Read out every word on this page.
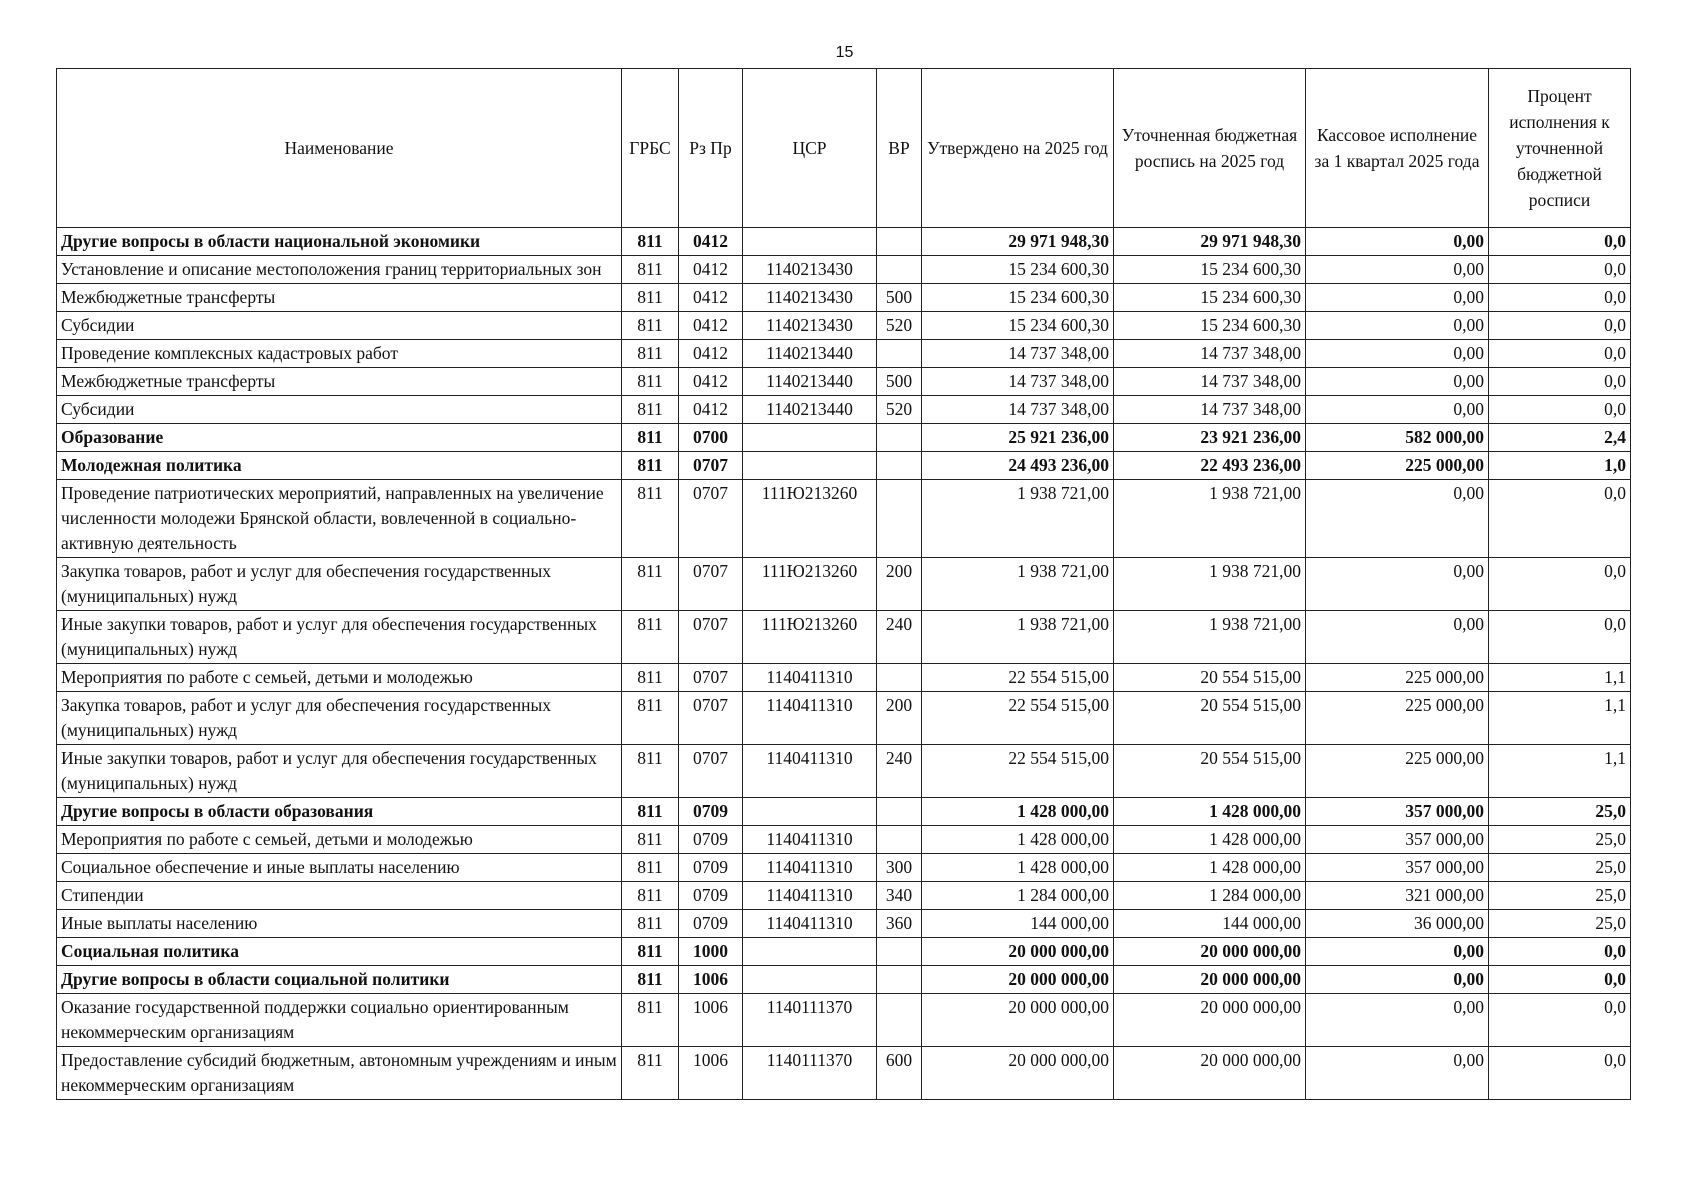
15
Наименование	ГРБС	Рз Пр	ЦСР	ВР	Утверждено на 2025 год	Уточненная бюджетная роспись на 2025 год	Кассовое исполнение за 1 квартал 2025 года	Процент исполнения к уточненной бюджетной росписи
Другие вопросы в области национальной экономики	811	0412			29 971 948,30	29 971 948,30	0,00	0,0
Установление и описание местоположения границ территориальных зон	811	0412	1140213430		15 234 600,30	15 234 600,30	0,00	0,0
Межбюджетные трансферты	811	0412	1140213430	500	15 234 600,30	15 234 600,30	0,00	0,0
Субсидии	811	0412	1140213430	520	15 234 600,30	15 234 600,30	0,00	0,0
Проведение комплексных кадастровых работ	811	0412	1140213440		14 737 348,00	14 737 348,00	0,00	0,0
Межбюджетные трансферты	811	0412	1140213440	500	14 737 348,00	14 737 348,00	0,00	0,0
Субсидии	811	0412	1140213440	520	14 737 348,00	14 737 348,00	0,00	0,0
Образование	811	0700			25 921 236,00	23 921 236,00	582 000,00	2,4
Молодежная политика	811	0707			24 493 236,00	22 493 236,00	225 000,00	1,0
Проведение патриотических мероприятий, направленных на увеличение численности молодежи Брянской области, вовлеченной в социально-активную деятельность	811	0707	111Ю213260		1 938 721,00	1 938 721,00	0,00	0,0
Закупка товаров, работ и услуг для обеспечения государственных (муниципальных) нужд	811	0707	111Ю213260	200	1 938 721,00	1 938 721,00	0,00	0,0
Иные закупки товаров, работ и услуг для обеспечения государственных (муниципальных) нужд	811	0707	111Ю213260	240	1 938 721,00	1 938 721,00	0,00	0,0
Мероприятия по работе с семьей, детьми и молодежью	811	0707	1140411310		22 554 515,00	20 554 515,00	225 000,00	1,1
Закупка товаров, работ и услуг для обеспечения государственных (муниципальных) нужд	811	0707	1140411310	200	22 554 515,00	20 554 515,00	225 000,00	1,1
Иные закупки товаров, работ и услуг для обеспечения государственных (муниципальных) нужд	811	0707	1140411310	240	22 554 515,00	20 554 515,00	225 000,00	1,1
Другие вопросы в области образования	811	0709			1 428 000,00	1 428 000,00	357 000,00	25,0
Мероприятия по работе с семьей, детьми и молодежью	811	0709	1140411310		1 428 000,00	1 428 000,00	357 000,00	25,0
Социальное обеспечение и иные выплаты населению	811	0709	1140411310	300	1 428 000,00	1 428 000,00	357 000,00	25,0
Стипендии	811	0709	1140411310	340	1 284 000,00	1 284 000,00	321 000,00	25,0
Иные выплаты населению	811	0709	1140411310	360	144 000,00	144 000,00	36 000,00	25,0
Социальная политика	811	1000			20 000 000,00	20 000 000,00	0,00	0,0
Другие вопросы в области социальной политики	811	1006			20 000 000,00	20 000 000,00	0,00	0,0
Оказание государственной поддержки социально ориентированным некоммерческим организациям	811	1006	1140111370		20 000 000,00	20 000 000,00	0,00	0,0
Предоставление субсидий бюджетным, автономным учреждениям и иным некоммерческим организациям	811	1006	1140111370	600	20 000 000,00	20 000 000,00	0,00	0,0
